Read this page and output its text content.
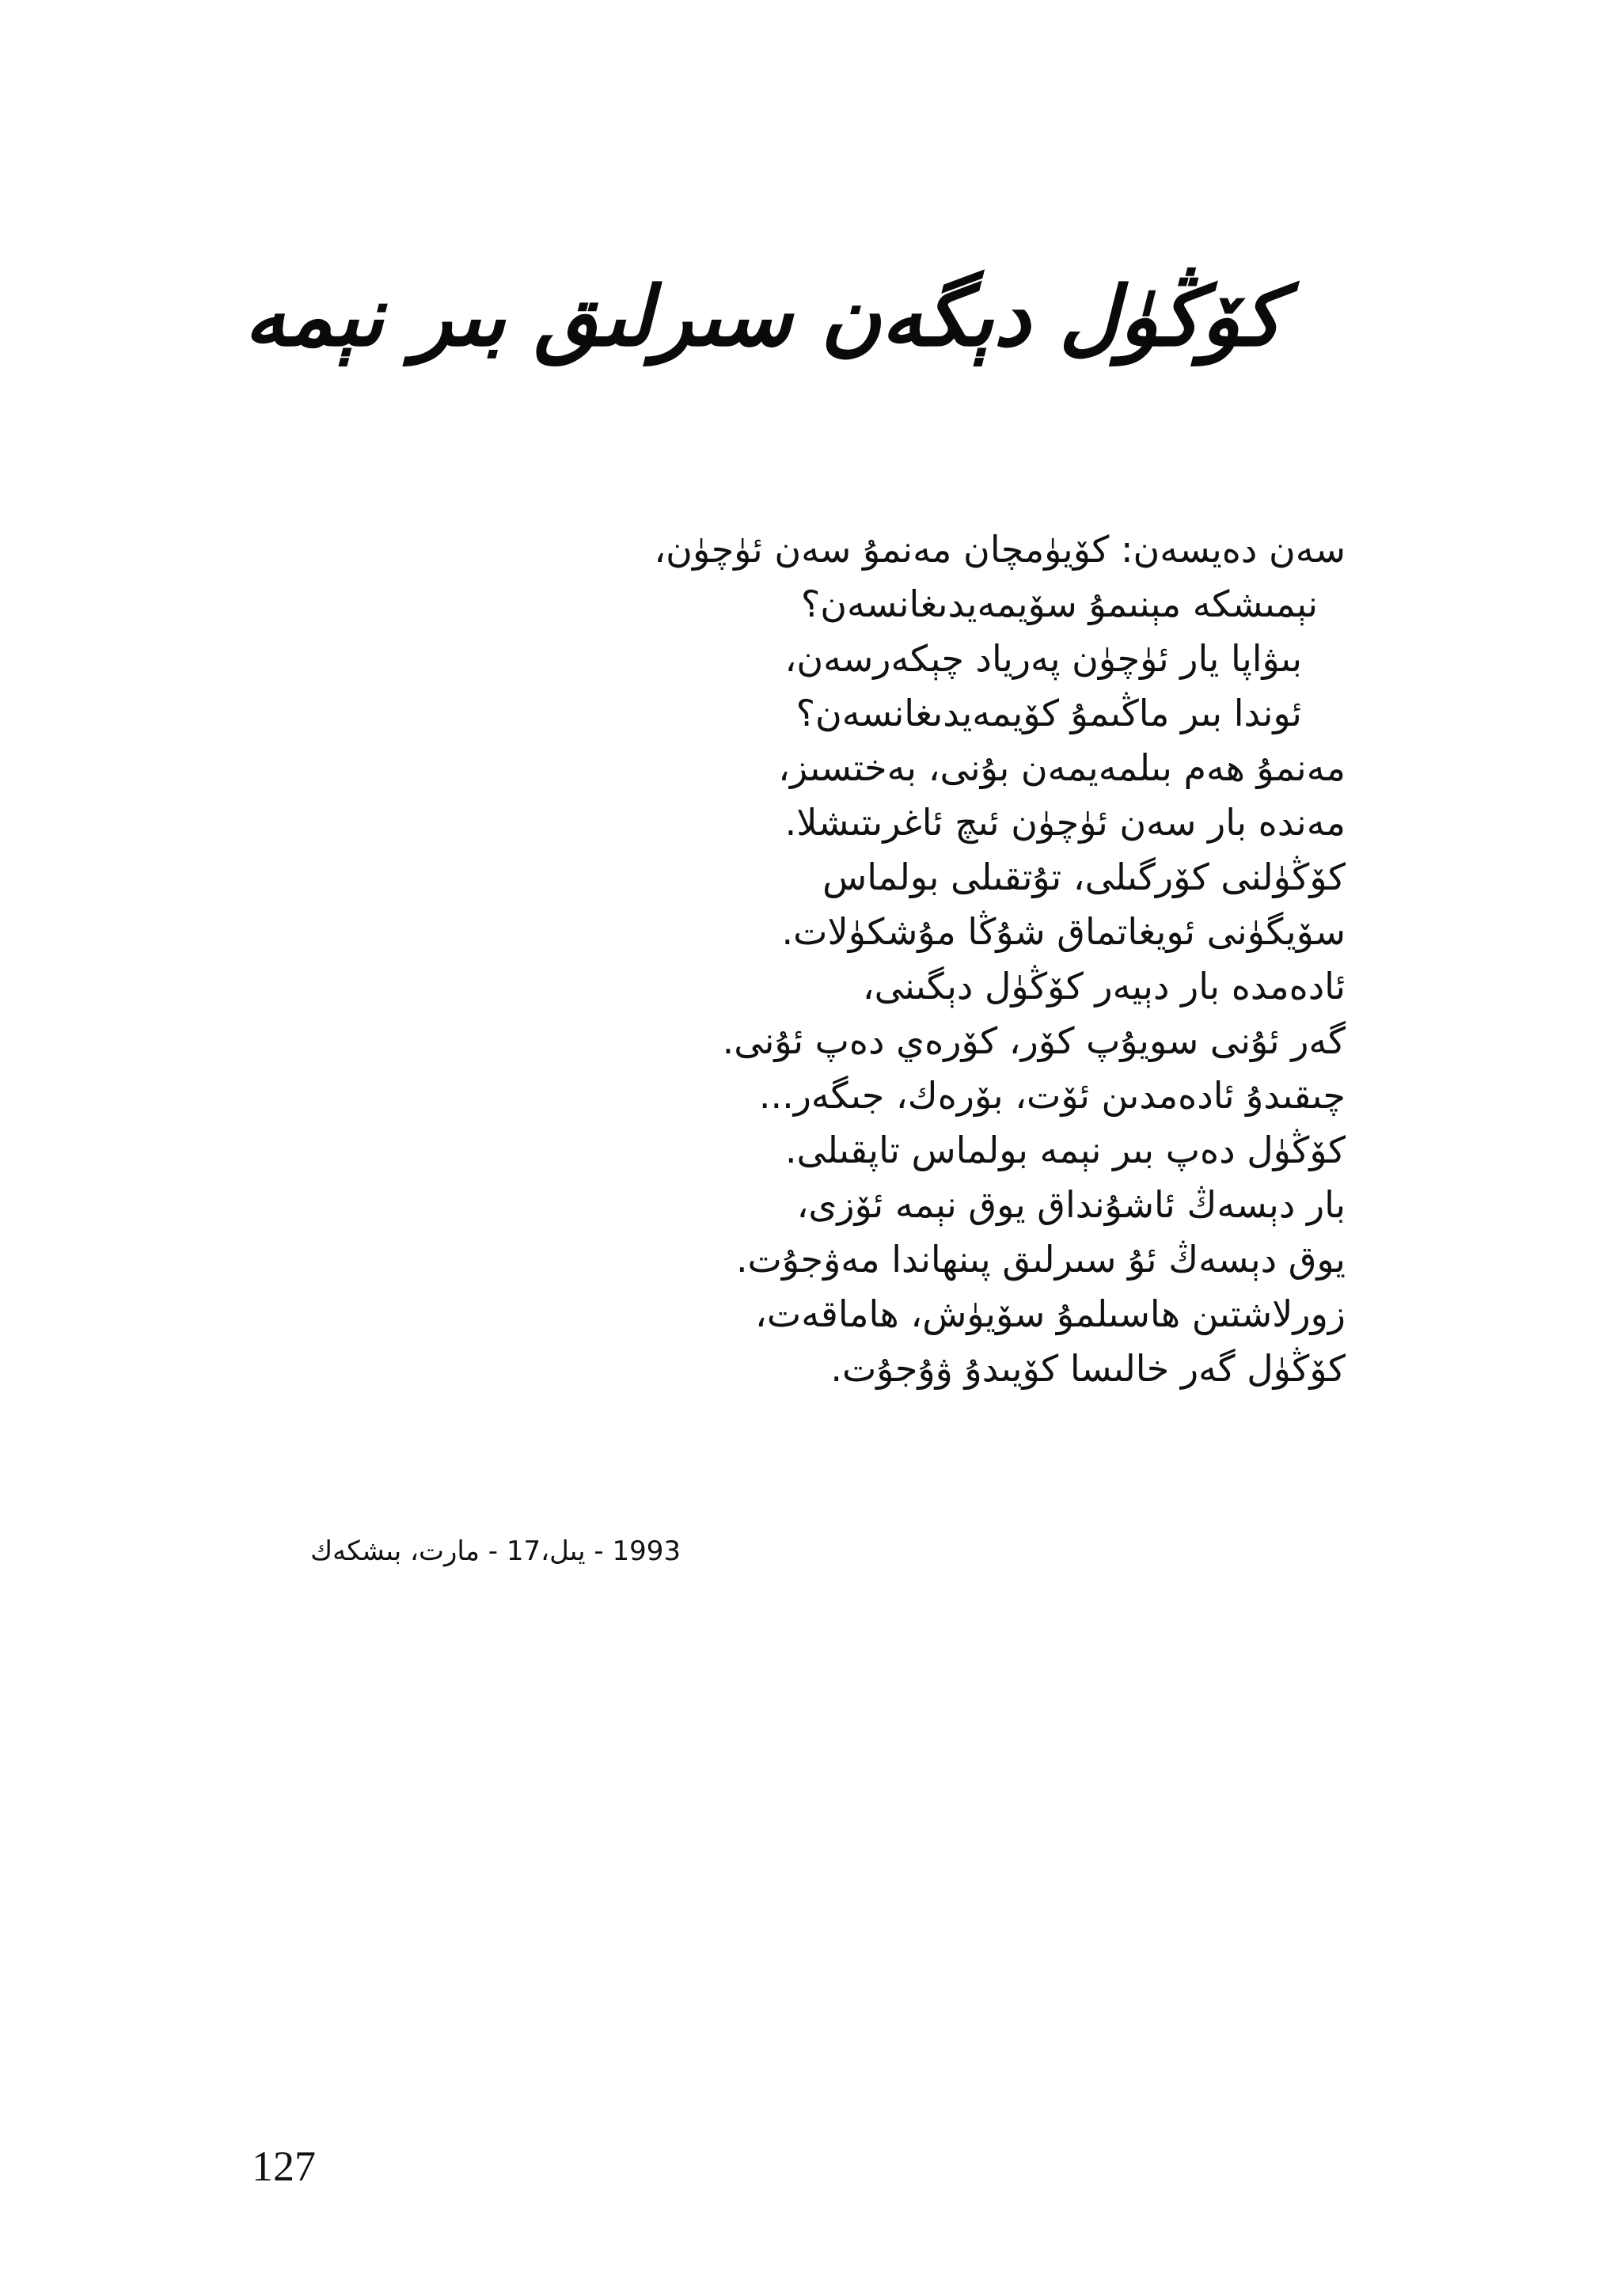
كۆڭۈل دېگەن سىرلىق بىر نېمە
سەن دەيسەن: كۆيۈمچان مەنمۇ سەن ئۈچۈن،
نېمىشكە مېنىمۇ سۆيمەيدىغانسەن؟
بىۋاپا يار ئۈچۈن پەرياد چېكەرسەن،
ئوندا بىر ماڭىمۇ كۆيمەيدىغانسەن؟
مەنمۇ ھەم بىلمەيمەن بۇنى، بەختسىز،
مەندە بار سەن ئۈچۈن ئىچ ئاغرىتىشلا.
كۆڭۈلنى كۆرگىلى، تۇتقىلى بولماس
سۆيگۈنى ئويغاتماق شۇڭا مۇشكۈلات.
ئادەمدە بار دېيەر كۆڭۈل دېگىنى،
گەر ئۇنى سويۇپ كۆر، كۆرەي دەپ ئۇنى.
چىقىدۇ ئادەمدىن ئۆت، بۆرەك، جىگەر...
كۆڭۈل دەپ بىر نېمە بولماس تاپقىلى.
بار دېسەڭ ئاشۇنداق يوق نېمە ئۆزى،
يوق دېسەڭ ئۇ سىرلىق پىنھاندا مەۋجۇت.
زورلاشتىن ھاسىلمۇ سۆيۈش، ھاماقەت،
كۆڭۈل گەر خالىسا كۆيىدۇ ۋۇجۇت.
1993 - يىل،17 - مارت، بىشكەك
127
